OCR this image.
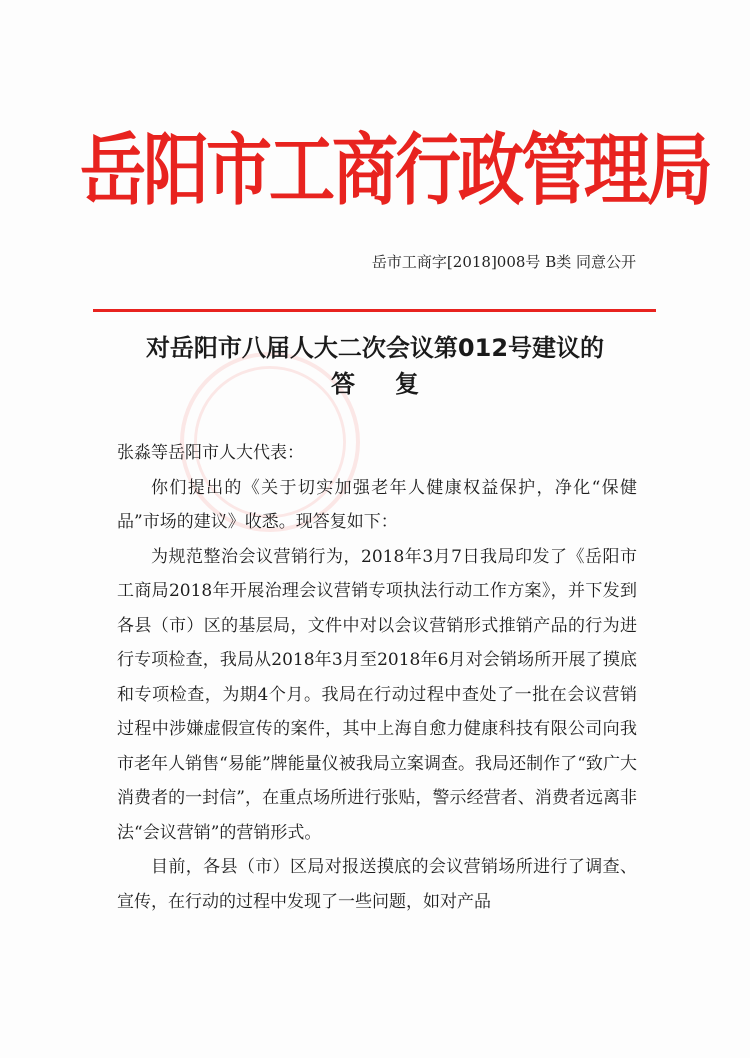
岳阳市工商行政管理局
岳市工商字[2018]008号 B类 同意公开
对岳阳市八届人大二次会议第012号建议的
答复

张淼等岳阳市人大代表：

你们提出的《关于切实加强老年人健康权益保护，净化“保健品”市场的建议》收悉。现答复如下：

为规范整治会议营销行为，2018年3月7日我局印发了《岳阳市工商局2018年开展治理会议营销专项执法行动工作方案》，并下发到各县（市）区的基层局，文件中对以会议营销形式推销产品的行为进行专项检查，我局从2018年3月至2018年6月对会销场所开展了摸底和专项检查，为期4个月。我局在行动过程中查处了一批在会议营销过程中涉嫌虚假宣传的案件，其中上海自愈力健康科技有限公司向我市老年人销售“易能”牌能量仪被我局立案调查。我局还制作了“致广大消费者的一封信”，在重点场所进行张贴，警示经营者、消费者远离非法“会议营销”的营销形式。

目前，各县（市）区局对报送摸底的会议营销场所进行了调查、宣传，在行动的过程中发现了一些问题，如对产品
